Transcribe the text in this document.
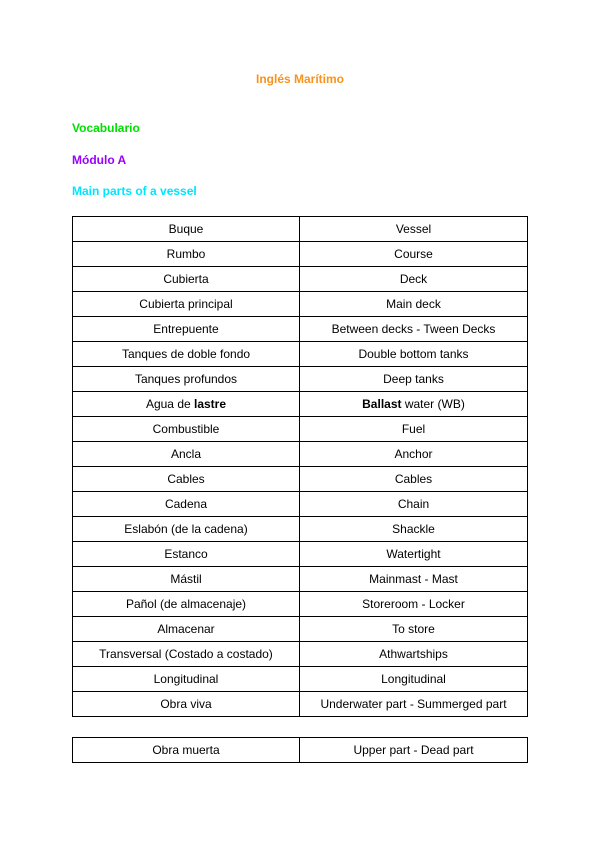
Inglés Marítimo

Vocabulario

Módulo A

Main parts of a vessel

Buque	Vessel
Rumbo	Course
Cubierta	Deck
Cubierta principal	Main deck
Entrepuente	Between decks - Tween Decks
Tanques de doble fondo	Double bottom tanks
Tanques profundos	Deep tanks
Agua de lastre	Ballast water (WB)
Combustible	Fuel
Ancla	Anchor
Cables	Cables
Cadena	Chain
Eslabón (de la cadena)	Shackle
Estanco	Watertight
Mástil	Mainmast - Mast
Pañol (de almacenaje)	Storeroom - Locker
Almacenar	To store
Transversal (Costado a costado)	Athwartships
Longitudinal	Longitudinal
Obra viva	Underwater part - Summerged part
Obra muerta	Upper part - Dead part
